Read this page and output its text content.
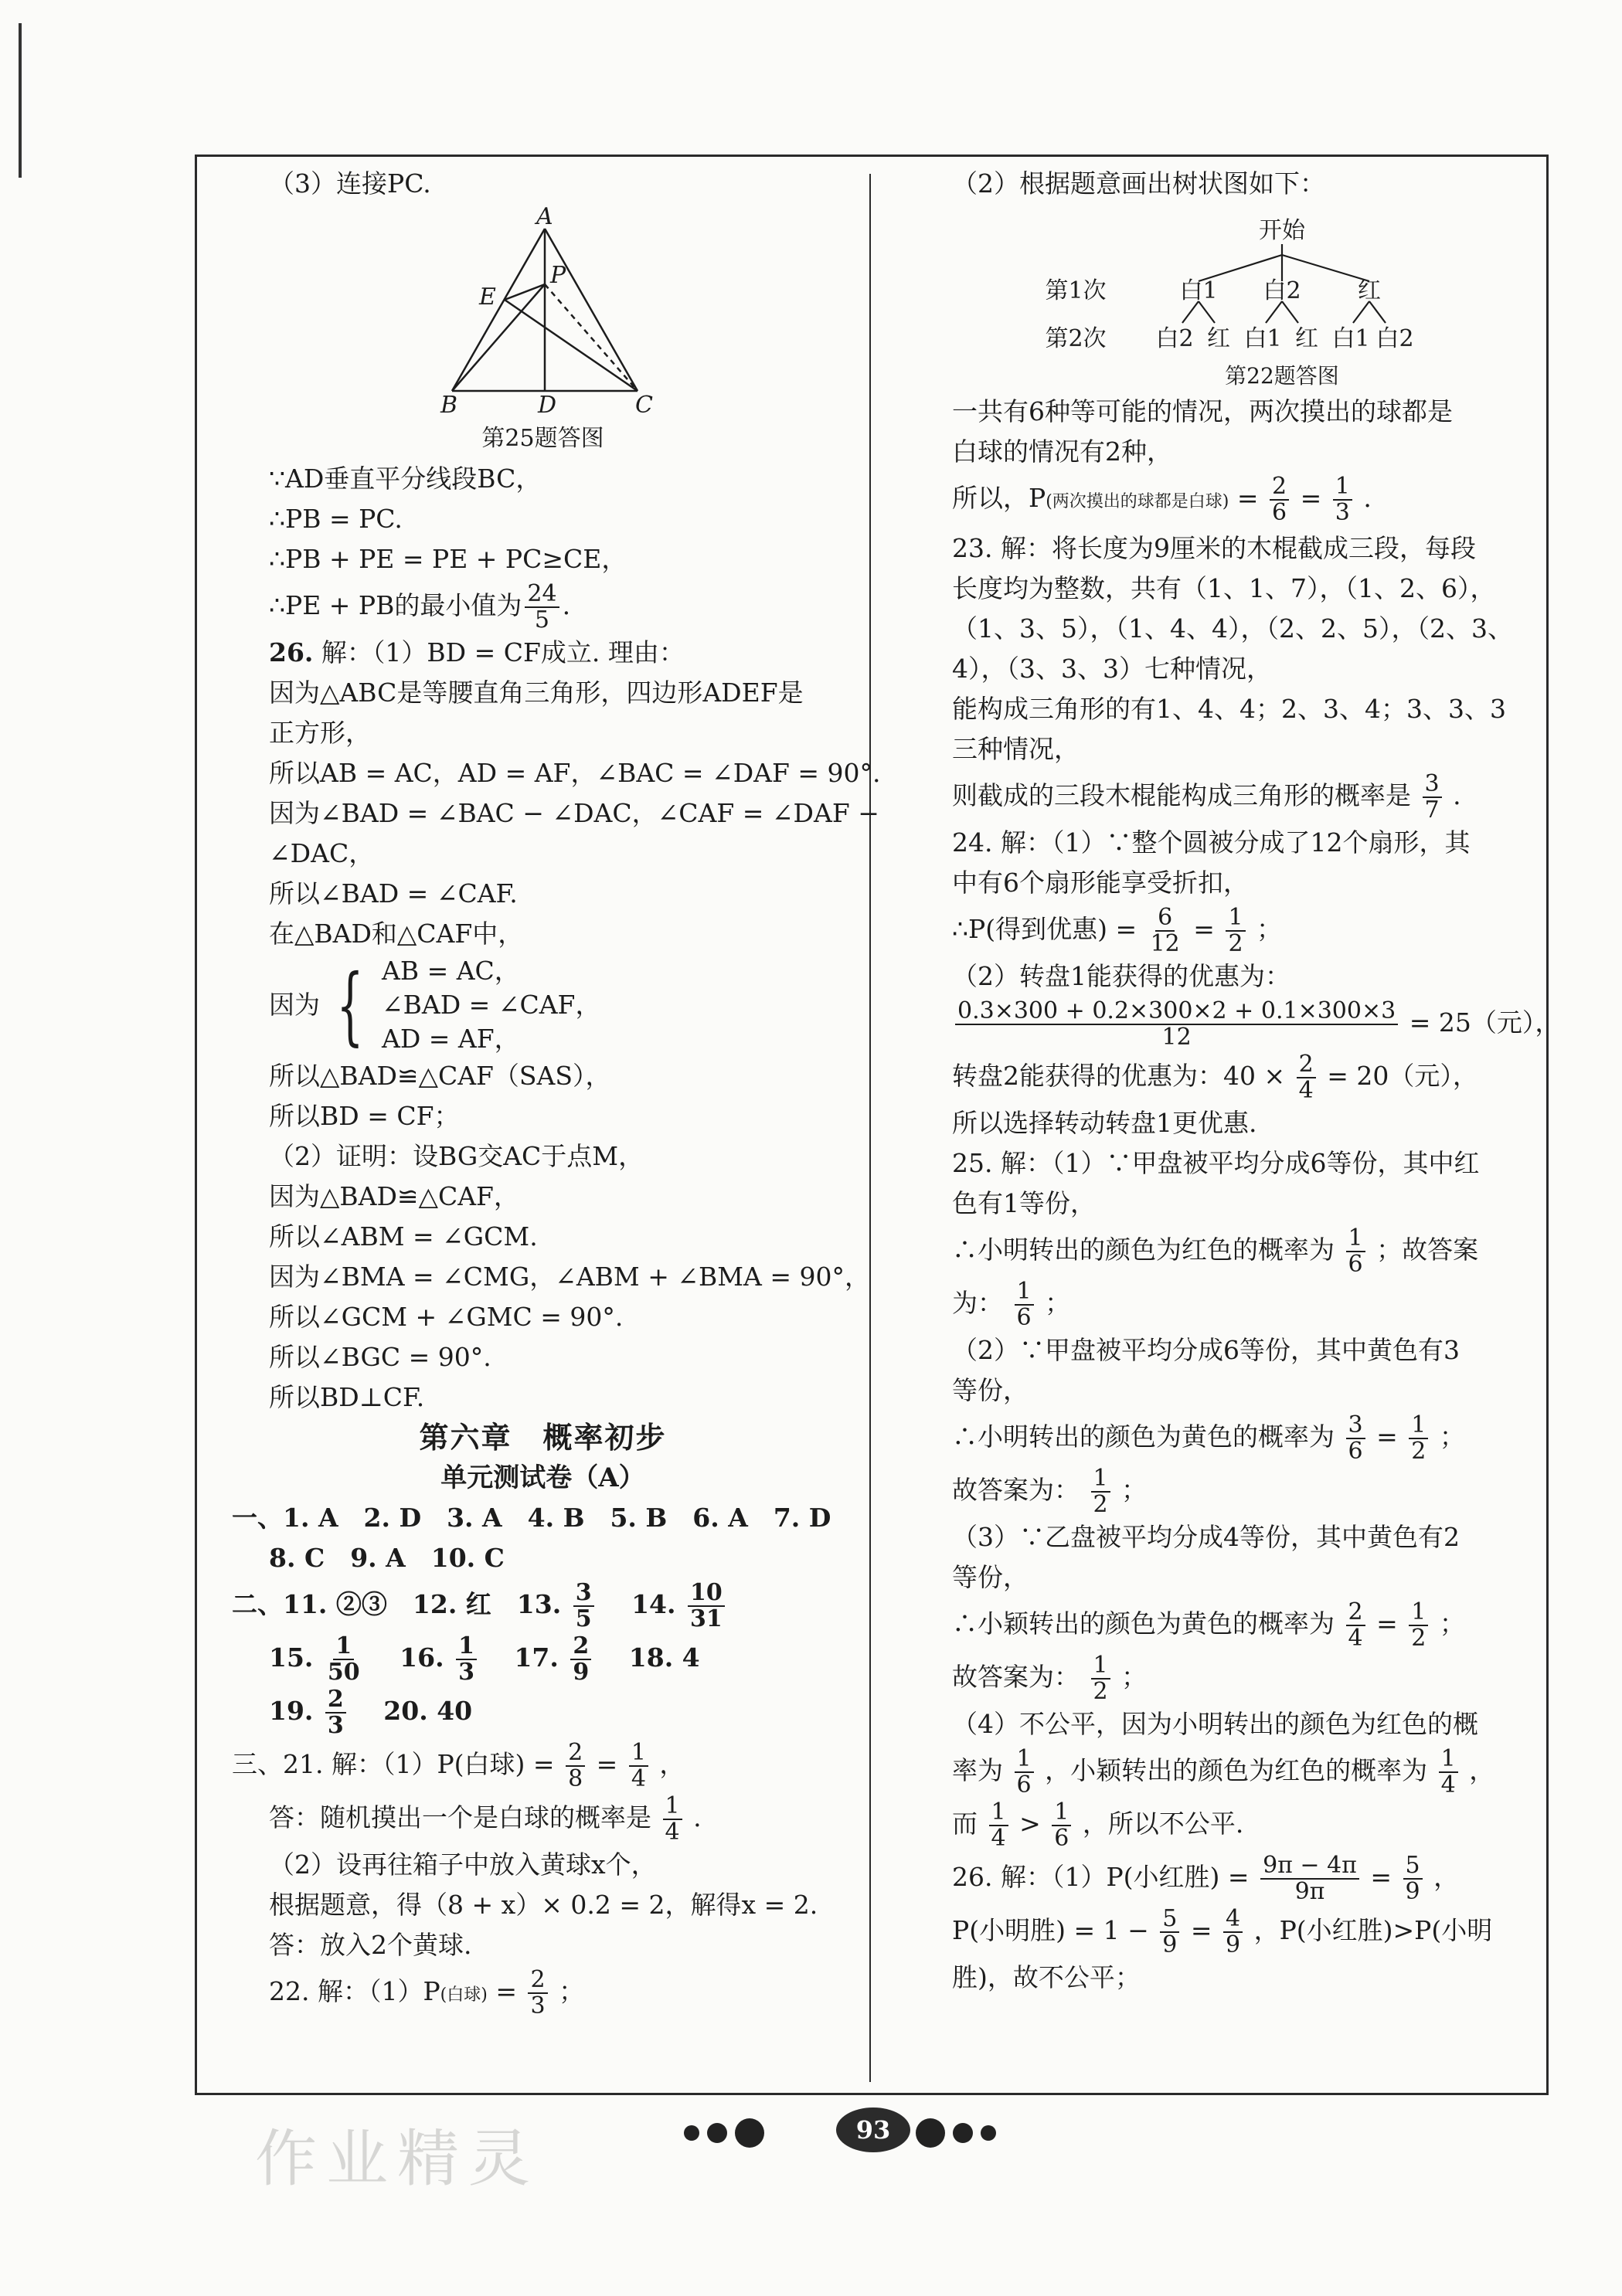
（3）连接PC.
A
E
P
B	D	C
第25题答图
∵AD垂直平分线段BC，
∴PB = PC.
∴PB + PE = PE + PC≥CE，
∴PE + PB的最小值为 $\frac{24}{5}$ .
26. 解：（1）BD = CF成立. 理由：
因为△ABC是等腰直角三角形，四边形ADEF是
正方形，
所以AB = AC，AD = AF，∠BAC = ∠DAF = 90°.
因为∠BAD = ∠BAC − ∠DAC，∠CAF = ∠DAF −
∠DAC，
所以∠BAD = ∠CAF.
在△BAD和△CAF中，
因为 { AB = AC，
∠BAD = ∠CAF，
AD = AF，
所以△BAD≌△CAF（SAS），
所以BD = CF；
（2）证明：设BG交AC于点M，
因为△BAD≌△CAF，
所以∠ABM = ∠GCM.
因为∠BMA = ∠CMG，∠ABM + ∠BMA = 90°，
所以∠GCM + ∠GMC = 90°.
所以∠BGC = 90°.
所以BD⊥CF.
第六章　概率初步
单元测试卷（A）
一、1. A　2. D　3. A　4. B　5. B　6. A　7. D
8. C　9. A　10. C
二、11. ②③　12. 红　13. $\frac{3}{5}$
　 14. $\frac{10}{31}$
15. $\frac{1}{50}$
　 16. $\frac{1}{3}$
　 17. $\frac{2}{9}$
　 18. 4
19. $\frac{2}{3}$
　 20. 40
三、21. 解：（1）P(白球) = $\frac{2}{8} = \frac{1}{4}$ ，
答：随机摸出一个是白球的概率是 $\frac{1}{4}$ .
（2）设再往箱子中放入黄球x个，
根据题意，得（8 + x）× 0.2 = 2，解得x = 2.
答：放入2个黄球.
22. 解：（1）P(白球) = $\frac{2}{3}$ ；
（2）根据题意画出树状图如下：
开始
第1次	白1 白2 红
第2次 白2 红 白1 红 白1 白2
第22题答图
一共有6种等可能的情况，两次摸出的球都是
白球的情况有2种，
所以，P(两次摸出的球都是白球) = $\frac{2}{6} = \frac{1}{3}$ .
23. 解：将长度为9厘米的木棍截成三段，每段
长度均为整数，共有（1、1、7），（1、2、6），
（1、3、5），（1、4、4），（2、2、5），（2、3、
4），（3、3、3）七种情况，
能构成三角形的有1、4、4；2、3、4；3、3、3
三种情况，
则截成的三段木棍能构成三角形的概率是 $\frac{3}{7}$ .
24. 解：（1）∵整个圆被分成了12个扇形，其
中有6个扇形能享受折扣，
∴P(得到优惠) = $\frac{6}{12} = \frac{1}{2}$ ；
（2）转盘1能获得的优惠为：
$\frac{0.3\times 300 + 0.2\times 300\times 2 + 0.1\times 300\times 3}{12} = 25$（元），
转盘2能获得的优惠为：$40 \times \frac{2}{4} = 20$（元），
所以选择转动转盘1更优惠.
25. 解：（1）∵甲盘被平均分成6等份，其中红
色有1等份，
∴小明转出的颜色为红色的概率为 $\frac{1}{6}$ ；故答案
为： $\frac{1}{6}$ ；
（2）∵甲盘被平均分成6等份，其中黄色有3
等份，
∴小明转出的颜色为黄色的概率为 $\frac{3}{6} = \frac{1}{2}$ ；
故答案为： $\frac{1}{2}$ ；
（3）∵乙盘被平均分成4等份，其中黄色有2
等份，
∴小颖转出的颜色为黄色的概率为 $\frac{2}{4} = \frac{1}{2}$ ；
故答案为： $\frac{1}{2}$ ；
（4）不公平，因为小明转出的颜色为红色的概
率为 $\frac{1}{6}$ ，小颖转出的颜色为红色的概率为 $\frac{1}{4}$ ，
而 $\frac{1}{4} > \frac{1}{6}$ ，所以不公平.
26. 解：（1）P(小红胜) = $\frac{9\pi - 4\pi}{9\pi} = \frac{5}{9}$ ，
P(小明胜) = $1 - \frac{5}{9} = \frac{4}{9}$ ，P(小红胜)>P(小明
胜)，故不公平；
93
作业精灵
